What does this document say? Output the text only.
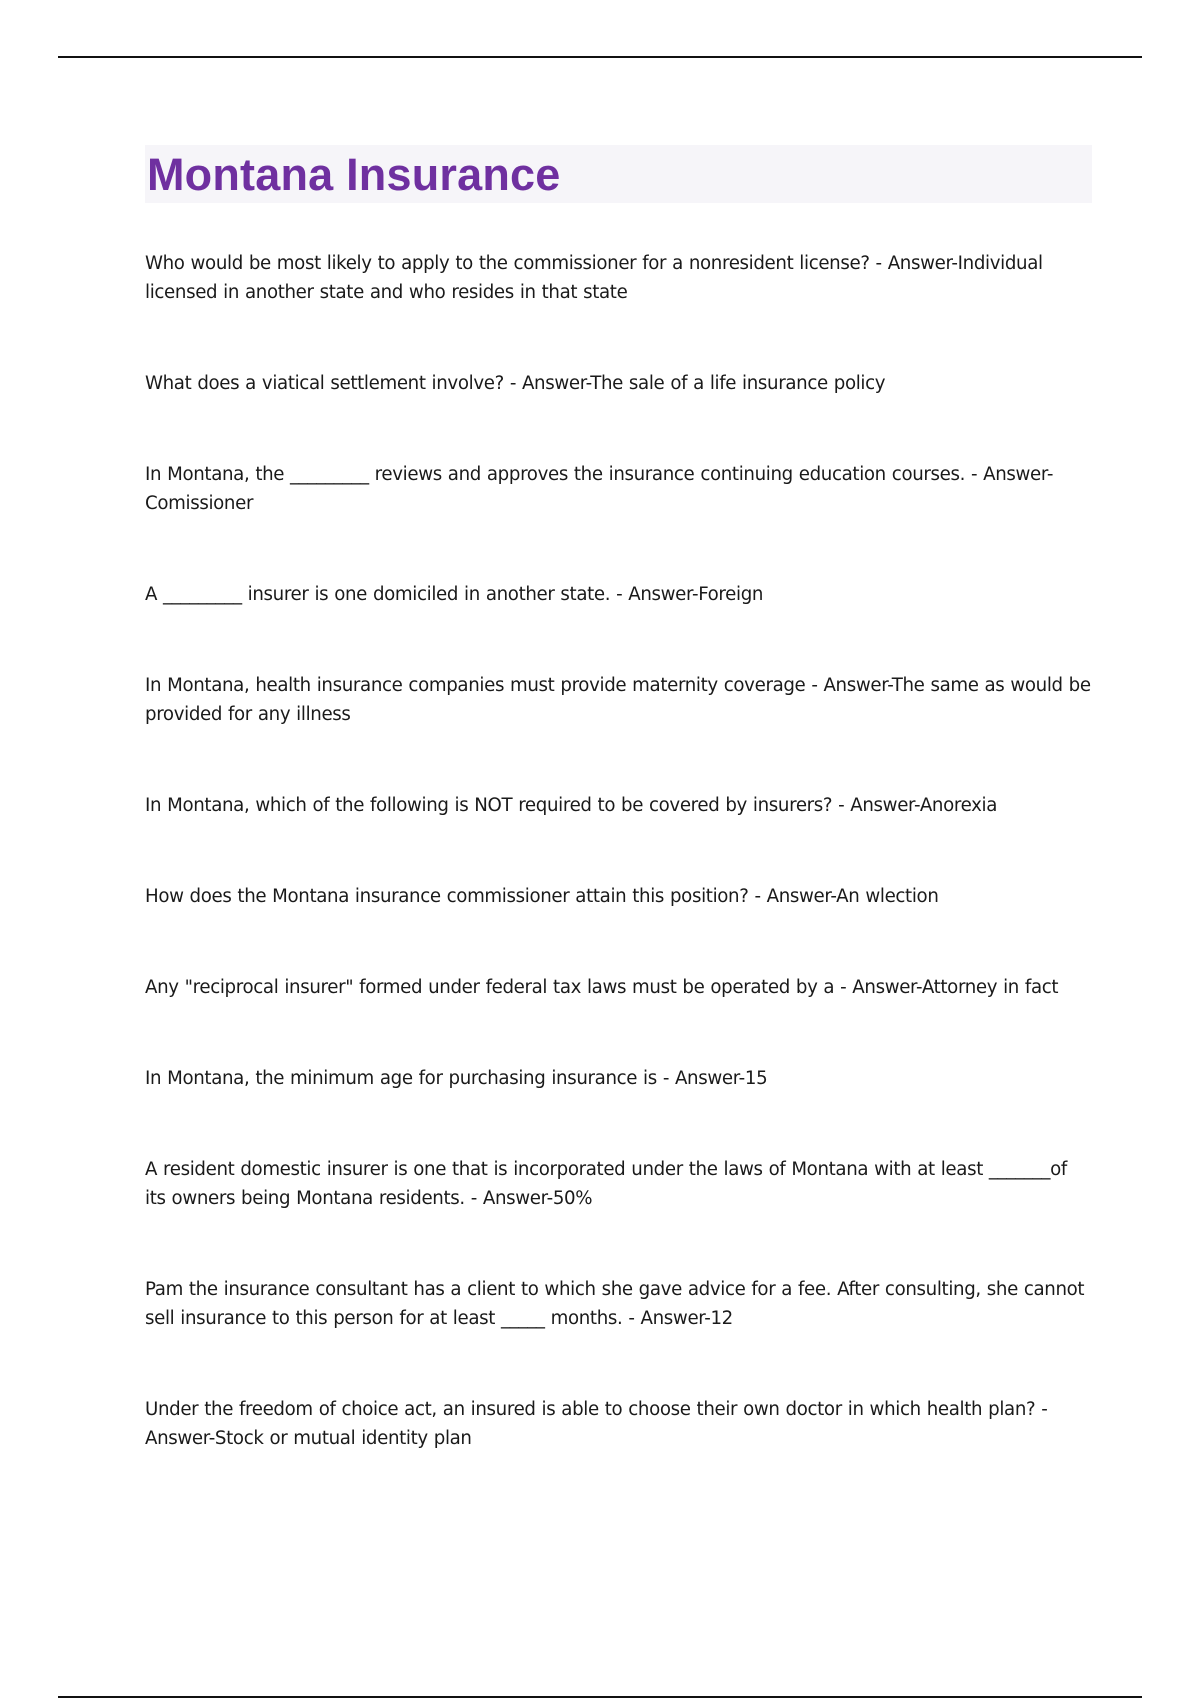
Montana Insurance

Who would be most likely to apply to the commissioner for a nonresident license? - Answer-Individual licensed in another state and who resides in that state

What does a viatical settlement involve? - Answer-The sale of a life insurance policy

In Montana, the _________ reviews and approves the insurance continuing education courses. - Answer-Comissioner

A _________ insurer is one domiciled in another state. - Answer-Foreign

In Montana, health insurance companies must provide maternity coverage - Answer-The same as would be provided for any illness

In Montana, which of the following is NOT required to be covered by insurers? - Answer-Anorexia

How does the Montana insurance commissioner attain this position? - Answer-An wlection

Any "reciprocal insurer" formed under federal tax laws must be operated by a - Answer-Attorney in fact

In Montana, the minimum age for purchasing insurance is - Answer-15

A resident domestic insurer is one that is incorporated under the laws of Montana with at least _______of its owners being Montana residents. - Answer-50%

Pam the insurance consultant has a client to which she gave advice for a fee. After consulting, she cannot sell insurance to this person for at least _____ months. - Answer-12

Under the freedom of choice act, an insured is able to choose their own doctor in which health plan? - Answer-Stock or mutual identity plan
